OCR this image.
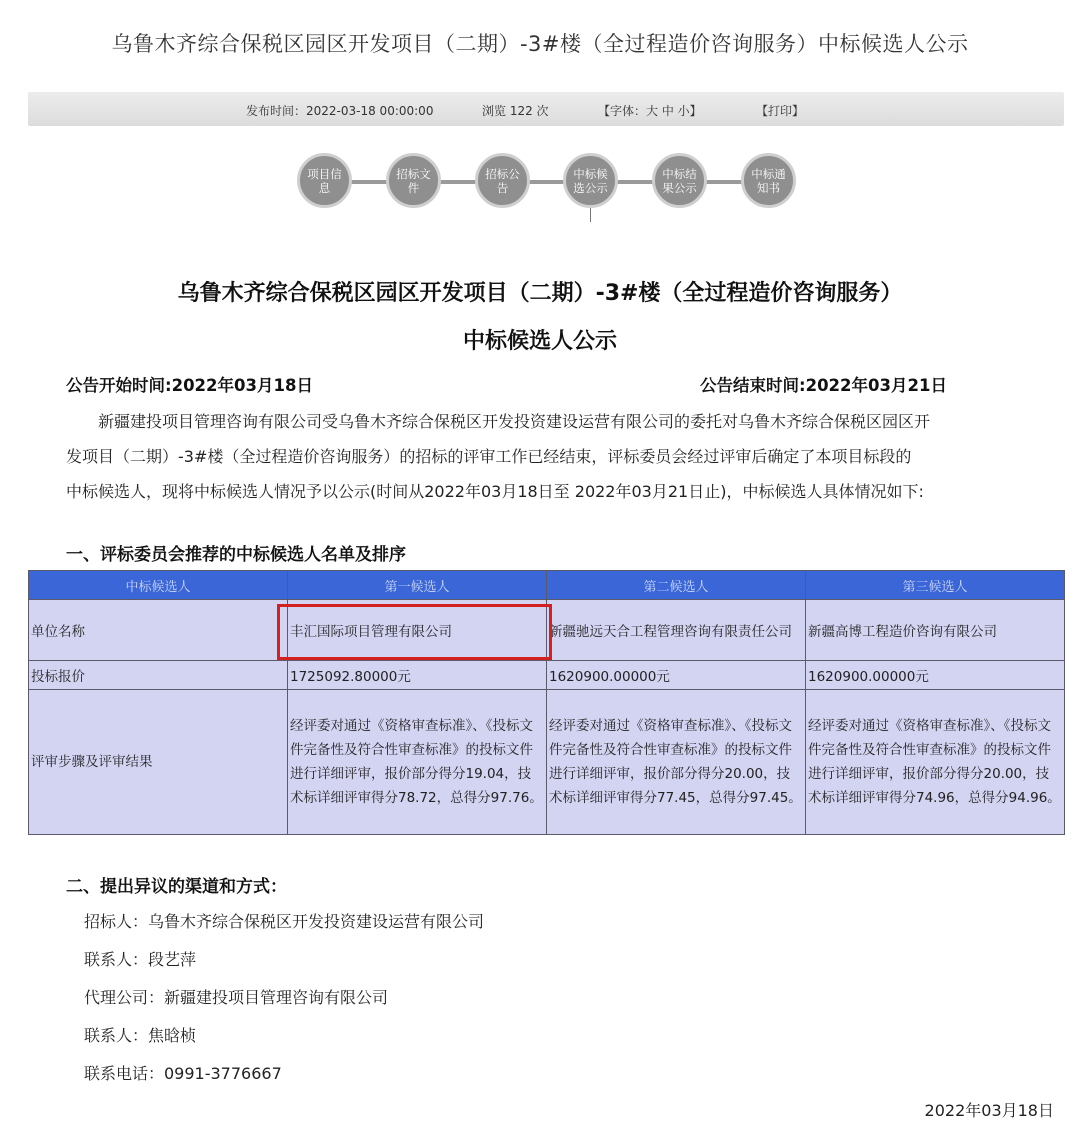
乌鲁木齐综合保税区园区开发项目（二期）-3#楼（全过程造价咨询服务）中标候选人公示
发布时间：2022-03-18 00:00:00	浏览 122 次	【字体：大 中 小】	【打印】
项目信息
招标文件
招标公告
中标候选公示
中标结果公示
中标通知书
乌鲁木齐综合保税区园区开发项目（二期）-3#楼（全过程造价咨询服务）
中标候选人公示
公告开始时间:2022年03月18日	公告结束时间:2022年03月21日
　　新疆建投项目管理咨询有限公司受乌鲁木齐综合保税区开发投资建设运营有限公司的委托对乌鲁木齐综合保税区园区开
发项目（二期）-3#楼（全过程造价咨询服务）的招标的评审工作已经结束，评标委员会经过评审后确定了本项目标段的
中标候选人，现将中标候选人情况予以公示(时间从2022年03月18日至 2022年03月21日止)，中标候选人具体情况如下:
一、评标委员会推荐的中标候选人名单及排序
中标候选人	第一候选人	第二候选人	第三候选人
单位名称	丰汇国际项目管理有限公司	新疆驰远天合工程管理咨询有限责任公司	新疆高博工程造价咨询有限公司
投标报价	1725092.80000元	1620900.00000元	1620900.00000元
评审步骤及评审结果	经评委对通过《资格审查标准》、《投标文件完备性及符合性审查标准》的投标文件进行详细评审，报价部分得分19.04，技术标详细评审得分78.72，总得分97.76。	经评委对通过《资格审查标准》、《投标文件完备性及符合性审查标准》的投标文件进行详细评审，报价部分得分20.00，技术标详细评审得分77.45，总得分97.45。	经评委对通过《资格审查标准》、《投标文件完备性及符合性审查标准》的投标文件进行详细评审，报价部分得分20.00，技术标详细评审得分74.96，总得分94.96。
二、提出异议的渠道和方式：
招标人：乌鲁木齐综合保税区开发投资建设运营有限公司
联系人：段艺萍
代理公司：新疆建投项目管理咨询有限公司
联系人：焦晗桢
联系电话：0991-3776667
2022年03月18日
